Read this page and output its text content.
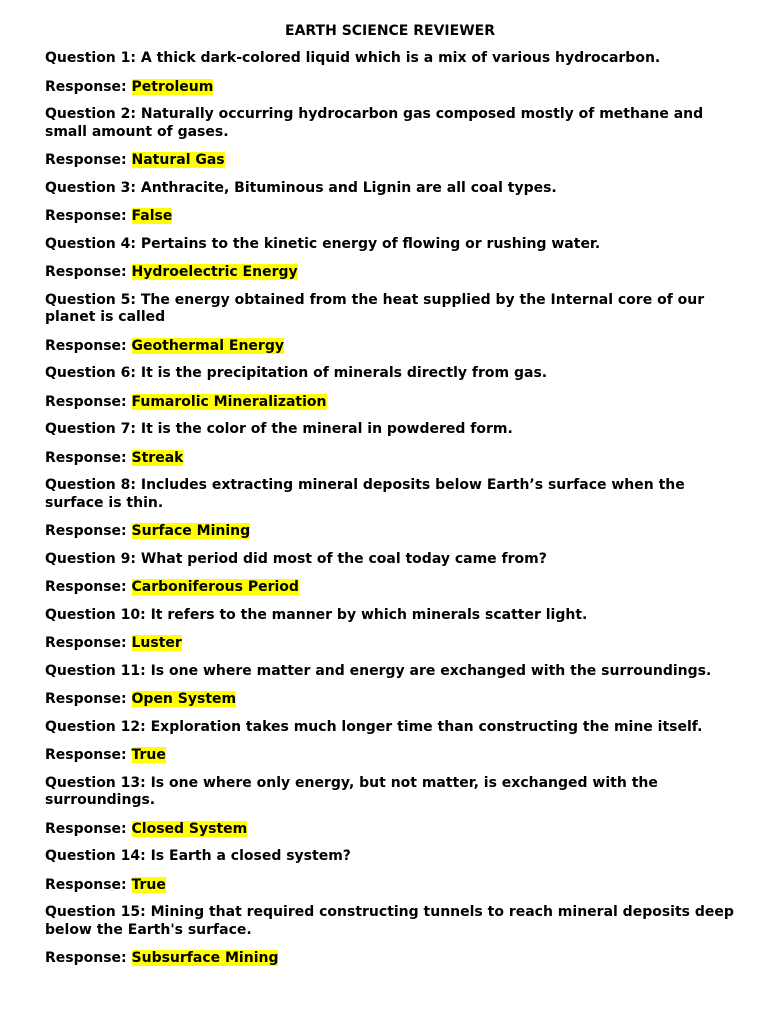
EARTH SCIENCE REVIEWER

Question 1: A thick dark-colored liquid which is a mix of various hydrocarbon.

Response: Petroleum

Question 2: Naturally occurring hydrocarbon gas composed mostly of methane and small amount of gases.

Response: Natural Gas

Question 3: Anthracite, Bituminous and Lignin are all coal types.

Response: False

Question 4: Pertains to the kinetic energy of flowing or rushing water.

Response: Hydroelectric Energy

Question 5: The energy obtained from the heat supplied by the Internal core of our planet is called

Response: Geothermal Energy

Question 6: It is the precipitation of minerals directly from gas.

Response: Fumarolic Mineralization

Question 7: It is the color of the mineral in powdered form.

Response: Streak

Question 8: Includes extracting mineral deposits below Earth’s surface when the surface is thin.

Response: Surface Mining

Question 9: What period did most of the coal today came from?

Response: Carboniferous Period

Question 10: It refers to the manner by which minerals scatter light.

Response: Luster

Question 11: Is one where matter and energy are exchanged with the surroundings.

Response: Open System

Question 12: Exploration takes much longer time than constructing the mine itself.

Response: True

Question 13: Is one where only energy, but not matter, is exchanged with the surroundings.

Response: Closed System

Question 14: Is Earth a closed system?

Response: True

Question 15: Mining that required constructing tunnels to reach mineral deposits deep below the Earth's surface.

Response: Subsurface Mining
